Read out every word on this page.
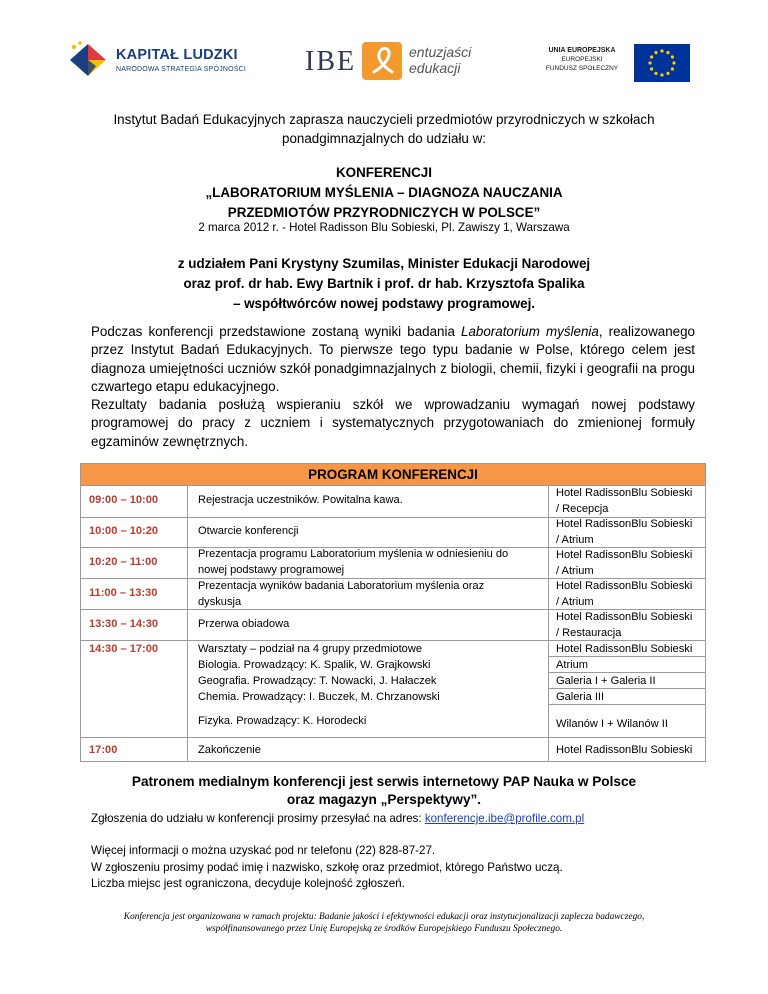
KAPITAŁ LUDZKI
NARODOWA STRATEGIA SPÓJNOŚCI IBE	entuzjaści
edukacji
UNIA EUROPEJSKA
EUROPEJSKI
FUNDUSZ SPOŁECZNY
Instytut Badań Edukacyjnych zaprasza nauczycieli przedmiotów przyrodniczych w szkołach
ponadgimnazjalnych do udziału w:
KONFERENCJI
„LABORATORIUM MYŚLENIA – DIAGNOZA NAUCZANIA
PRZEDMIOTÓW PRZYRODNICZYCH W POLSCE”
2 marca 2012 r. - Hotel Radisson Blu Sobieski, Pl. Zawiszy 1, Warszawa
z udziałem Pani Krystyny Szumilas, Minister Edukacji Narodowej
oraz prof. dr hab. Ewy Bartnik i prof. dr hab. Krzysztofa Spalika
– współtwórców nowej podstawy programowej.
Podczas konferencji przedstawione zostaną wyniki badania Laboratorium myślenia, realizowanego przez Instytut Badań Edukacyjnych. To pierwsze tego typu badanie w Polse, którego celem jest diagnoza umiejętności uczniów szkół ponadgimnazjalnych z biologii, chemii, fizyki i geografii na progu czwartego etapu edukacyjnego.
Rezultaty badania posłużą wspieraniu szkół we wprowadzaniu wymagań nowej podstawy programowej do pracy z uczniem i systematycznych przygotowaniach do zmienionej formuły egzaminów zewnętrznych.
PROGRAM KONFERENCJI
09:00 – 10:00
10:00 – 10:20
10:20 – 11:00
11:00 – 13:30
13:30 – 14:30
14:30 – 17:00
17:00
Rejestracja uczestników. Powitalna kawa.
Otwarcie konferencji
Prezentacja programu Laboratorium myślenia w odniesieniu do
nowej podstawy programowej
Prezentacja wyników badania Laboratorium myślenia oraz
dyskusja
Przerwa obiadowa
Warsztaty – podział na 4 grupy przedmiotowe
Biologia. Prowadzący: K. Spalik, W. Grajkowski
Geografia. Prowadzący: T. Nowacki, J. Hałaczek
Chemia. Prowadzący: I. Buczek, M. Chrzanowski
Fizyka. Prowadzący: K. Horodecki
Zakończenie
Hotel RadissonBlu Sobieski
/ Recepcja
Hotel RadissonBlu Sobieski
/ Atrium
Hotel RadissonBlu Sobieski
/ Atrium
Hotel RadissonBlu Sobieski
/ Atrium
Hotel RadissonBlu Sobieski
/ Restauracja
Hotel RadissonBlu Sobieski
Atrium
Galeria I + Galeria II
Galeria III
Wilanów I + Wilanów II
Hotel RadissonBlu Sobieski
Patronem medialnym konferencji jest serwis internetowy PAP Nauka w Polsce
oraz magazyn „Perspektywy”.
Zgłoszenia do udziału w konferencji prosimy przesyłać na adres: konferencje.ibe@profile.com.pl
Więcej informacji o można uzyskać pod nr telefonu (22) 828-87-27.
W zgłoszeniu prosimy podać imię i nazwisko, szkołę oraz przedmiot, którego Państwo uczą.
Liczba miejsc jest ograniczona, decyduje kolejność zgłoszeń.
Konferencja jest organizowana w ramach projektu: Badanie jakości i efektywności edukacji oraz instytucjonalizacji zaplecza badawczego,
współfinansowanego przez Unię Europejską ze środków Europejskiego Funduszu Społecznego.
